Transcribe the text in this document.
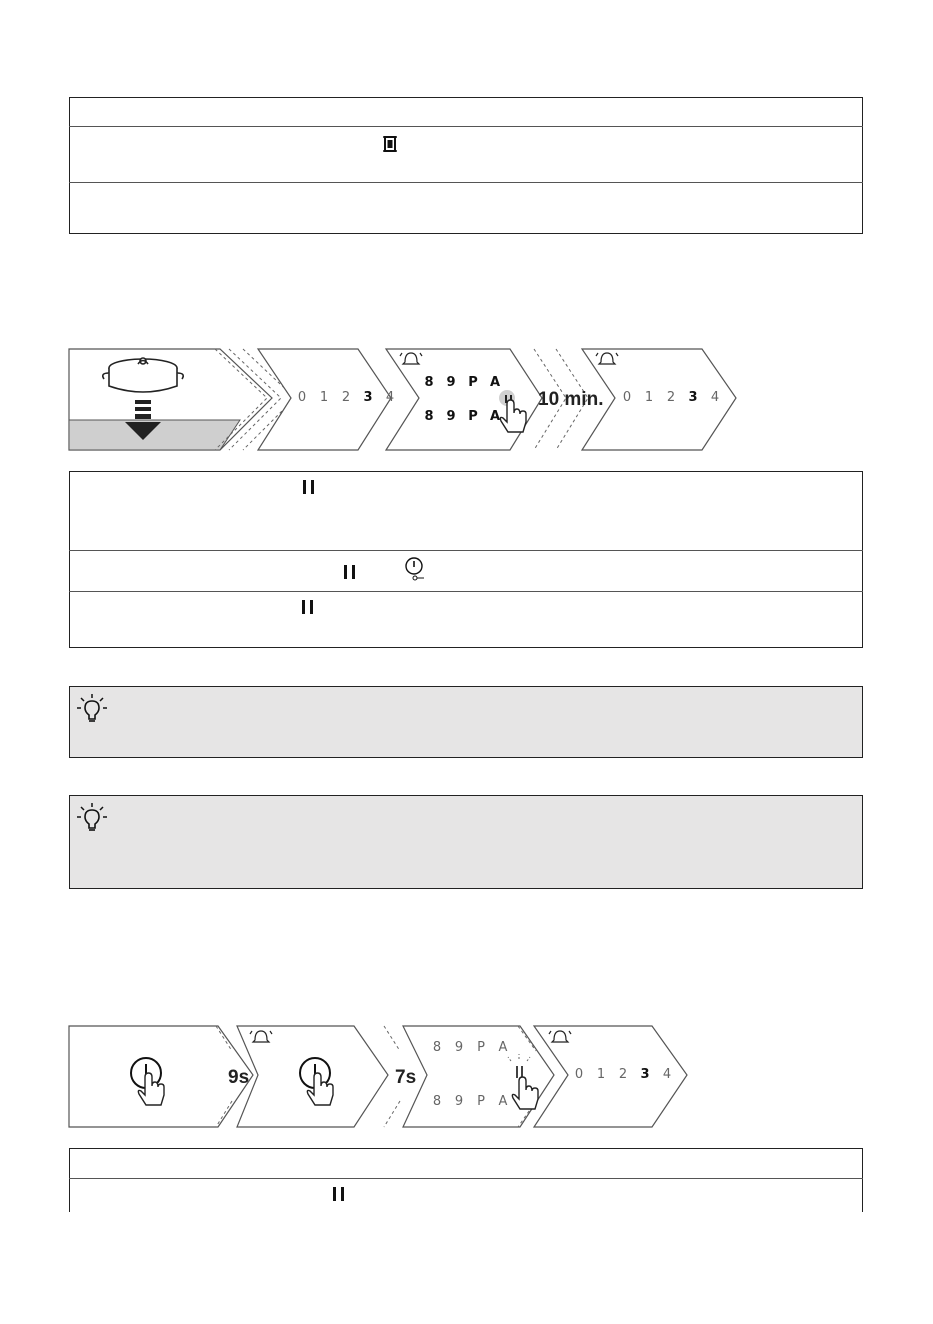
0 1 2 3 4
8 9 P A
8 9 P A
10 min.	0 1 2 3 4

9s	7s
8 9 P A
8 9 P A
0 1 2 3 4
